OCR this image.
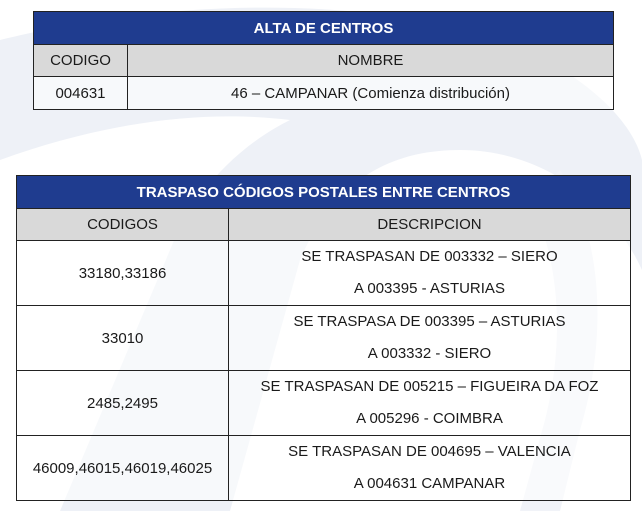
ALTA DE CENTROS	
CODIGO	NOMBRE
004631	46 – CAMPANAR (Comienza distribución)
TRASPASO CÓDIGOS POSTALES ENTRE CENTROS	
CODIGOS	DESCRIPCION
33180,33186	SE TRASPASAN DE 003332 – SIERO
A 003395 - ASTURIAS

33010	SE TRASPASA DE 003395 – ASTURIAS
A 003332 - SIERO

2485,2495	SE TRASPASAN DE 005215 – FIGUEIRA DA FOZ
A 005296 - COIMBRA

46009,46015,46019,46025	SE TRASPASAN DE 004695 – VALENCIA
A 004631 CAMPANAR
